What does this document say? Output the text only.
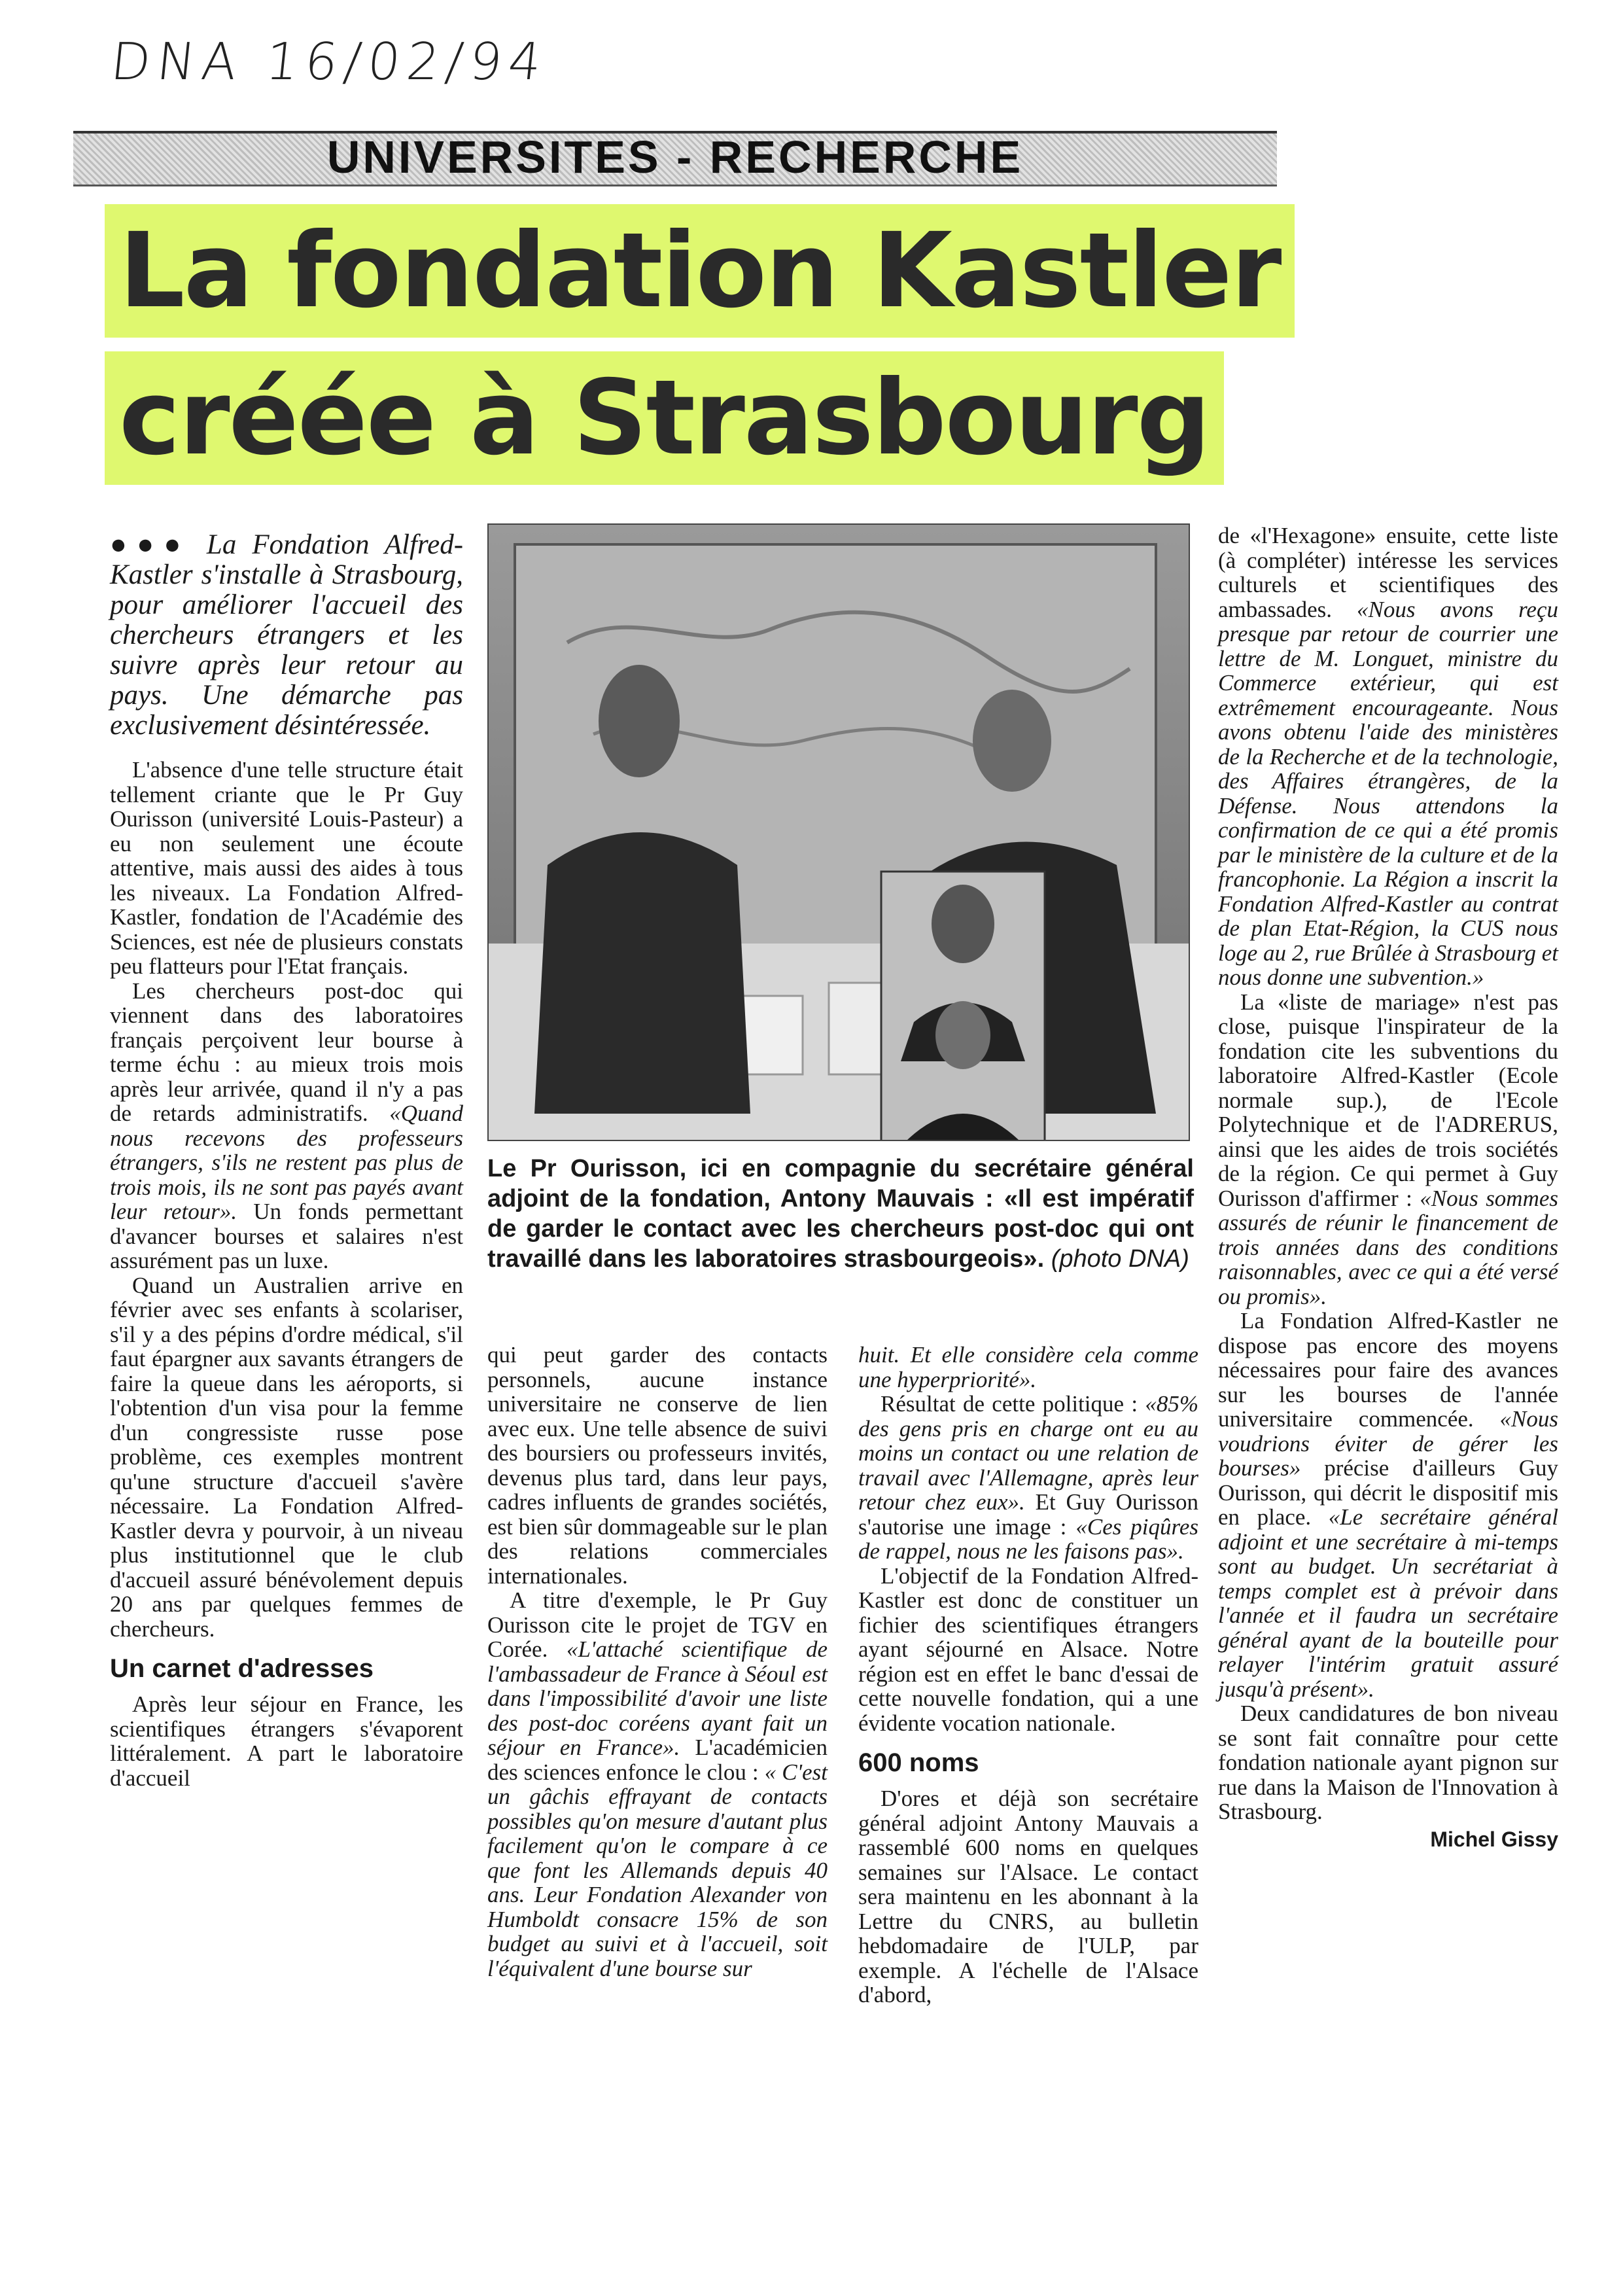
DNA 16/02/94
UNIVERSITES - RECHERCHE
La fondation Kastler
créée à Strasbourg
●●● La Fondation Alfred-Kastler s'installe à Strasbourg, pour améliorer l'accueil des chercheurs étrangers et les suivre après leur retour au pays. Une démarche pas exclusivement désintéressée.

L'absence d'une telle structure était tellement criante que le Pr Guy Ourisson (université Louis-Pasteur) a eu non seulement une écoute attentive, mais aussi des aides à tous les niveaux. La Fondation Alfred-Kastler, fondation de l'Académie des Sciences, est née de plusieurs constats peu flatteurs pour l'Etat français.

Les chercheurs post-doc qui viennent dans des laboratoires français perçoivent leur bourse à terme échu : au mieux trois mois après leur arrivée, quand il n'y a pas de retards administratifs. «Quand nous recevons des professeurs étrangers, s'ils ne restent pas plus de trois mois, ils ne sont pas payés avant leur retour». Un fonds permettant d'avancer bourses et salaires n'est assurément pas un luxe.

Quand un Australien arrive en février avec ses enfants à scolariser, s'il y a des pépins d'ordre médical, s'il faut épargner aux savants étrangers de faire la queue dans les aéroports, si l'obtention d'un visa pour la femme d'un congressiste russe pose problème, ces exemples montrent qu'une structure d'accueil s'avère nécessaire. La Fondation Alfred-Kastler devra y pourvoir, à un niveau plus institutionnel que le club d'accueil assuré bénévolement depuis 20 ans par quelques femmes de chercheurs.

Un carnet d'adresses

Après leur séjour en France, les scientifiques étrangers s'évaporent littéralement. A part le laboratoire d'accueil

Le Pr Ourisson, ici en compagnie du secrétaire général adjoint de la fondation, Antony Mauvais : «Il est impératif de garder le contact avec les chercheurs post-doc qui ont travaillé dans les laboratoires strasbourgeois». (photo DNA)

qui peut garder des contacts personnels, aucune instance universitaire ne conserve de lien avec eux. Une telle absence de suivi des boursiers ou professeurs invités, devenus plus tard, dans leur pays, cadres influents de grandes sociétés, est bien sûr dommageable sur le plan des relations commerciales internationales.

A titre d'exemple, le Pr Guy Ourisson cite le projet de TGV en Corée. «L'attaché scientifique de l'ambassadeur de France à Séoul est dans l'impossibilité d'avoir une liste des post-doc coréens ayant fait un séjour en France». L'académicien des sciences enfonce le clou : « C'est un gâchis effrayant de contacts possibles qu'on mesure d'autant plus facilement qu'on le compare à ce que font les Allemands depuis 40 ans. Leur Fondation Alexander von Humboldt consacre 15% de son budget au suivi et à l'accueil, soit l'équivalent d'une bourse sur

huit. Et elle considère cela comme une hyperpriorité».

Résultat de cette politique : «85% des gens pris en charge ont eu au moins un contact ou une relation de travail avec l'Allemagne, après leur retour chez eux». Et Guy Ourisson s'autorise une image : «Ces piqûres de rappel, nous ne les faisons pas».

L'objectif de la Fondation Alfred-Kastler est donc de constituer un fichier des scientifiques étrangers ayant séjourné en Alsace. Notre région est en effet le banc d'essai de cette nouvelle fondation, qui a une évidente vocation nationale.

600 noms

D'ores et déjà son secrétaire général adjoint Antony Mauvais a rassemblé 600 noms en quelques semaines sur l'Alsace. Le contact sera maintenu en les abonnant à la Lettre du CNRS, au bulletin hebdomadaire de l'ULP, par exemple. A l'échelle de l'Alsace d'abord,

de «l'Hexagone» ensuite, cette liste (à compléter) intéresse les services culturels et scientifiques des ambassades. «Nous avons reçu presque par retour de courrier une lettre de M. Longuet, ministre du Commerce extérieur, qui est extrêmement encourageante. Nous avons obtenu l'aide des ministères de la Recherche et de la technologie, des Affaires étrangères, de la Défense. Nous attendons la confirmation de ce qui a été promis par le ministère de la culture et de la francophonie. La Région a inscrit la Fondation Alfred-Kastler au contrat de plan Etat-Région, la CUS nous loge au 2, rue Brûlée à Strasbourg et nous donne une subvention.»

La «liste de mariage» n'est pas close, puisque l'inspirateur de la fondation cite les subventions du laboratoire Alfred-Kastler (Ecole normale sup.), de l'Ecole Polytechnique et de l'ADRERUS, ainsi que les aides de trois sociétés de la région. Ce qui permet à Guy Ourisson d'affirmer : «Nous sommes assurés de réunir le financement de trois années dans des conditions raisonnables, avec ce qui a été versé ou promis».

La Fondation Alfred-Kastler ne dispose pas encore des moyens nécessaires pour faire des avances sur les bourses de l'année universitaire commencée. «Nous voudrions éviter de gérer les bourses» précise d'ailleurs Guy Ourisson, qui décrit le dispositif mis en place. «Le secrétaire général adjoint et une secrétaire à mi-temps sont au budget. Un secrétariat à temps complet est à prévoir dans l'année et il faudra un secrétaire général ayant de la bouteille pour relayer l'intérim gratuit assuré jusqu'à présent».

Deux candidatures de bon niveau se sont fait connaître pour cette fondation nationale ayant pignon sur rue dans la Maison de l'Innovation à Strasbourg.

Michel Gissy
